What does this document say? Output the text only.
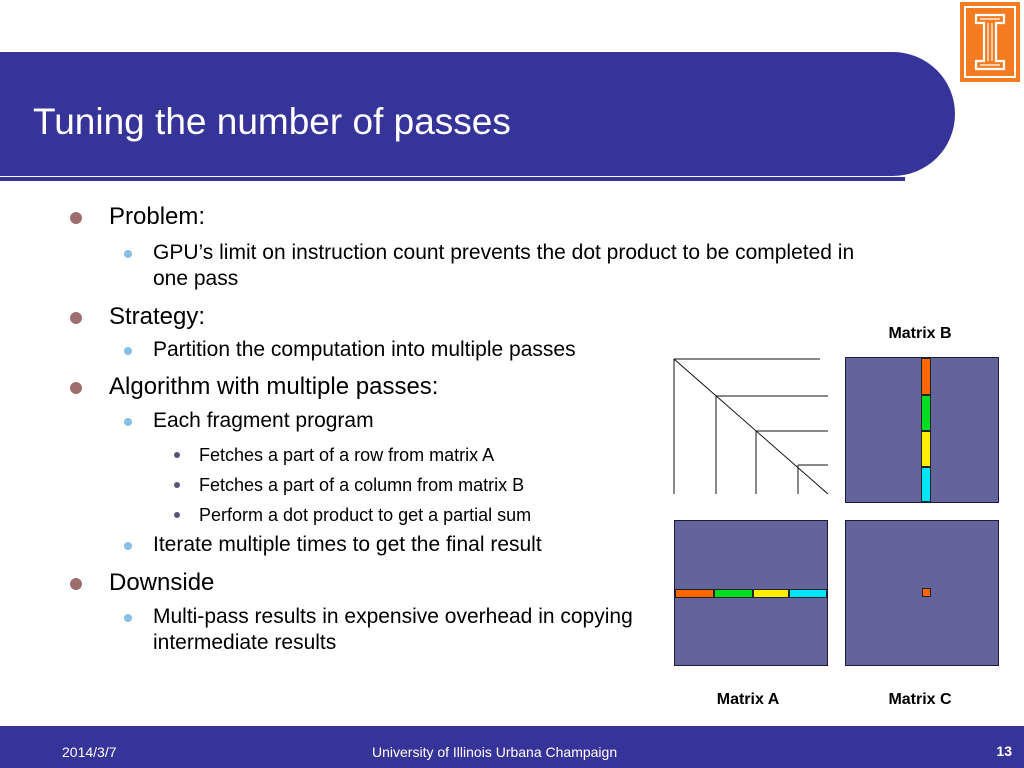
Tuning the number of passes
Problem:
GPU’s limit on instruction count prevents the dot product to be completed in one pass
Strategy:
Partition the computation into multiple passes
Algorithm with multiple passes:
Each fragment program
Fetches a part of a row from matrix A
Fetches a part of a column from matrix B
Perform a dot product to get a partial sum
Iterate multiple times to get the final result
Downside
Multi-pass results in expensive overhead in copying intermediate results
Matrix B
Matrix A	Matrix C
2014/3/7	University of Illinois Urbana Champaign	13
